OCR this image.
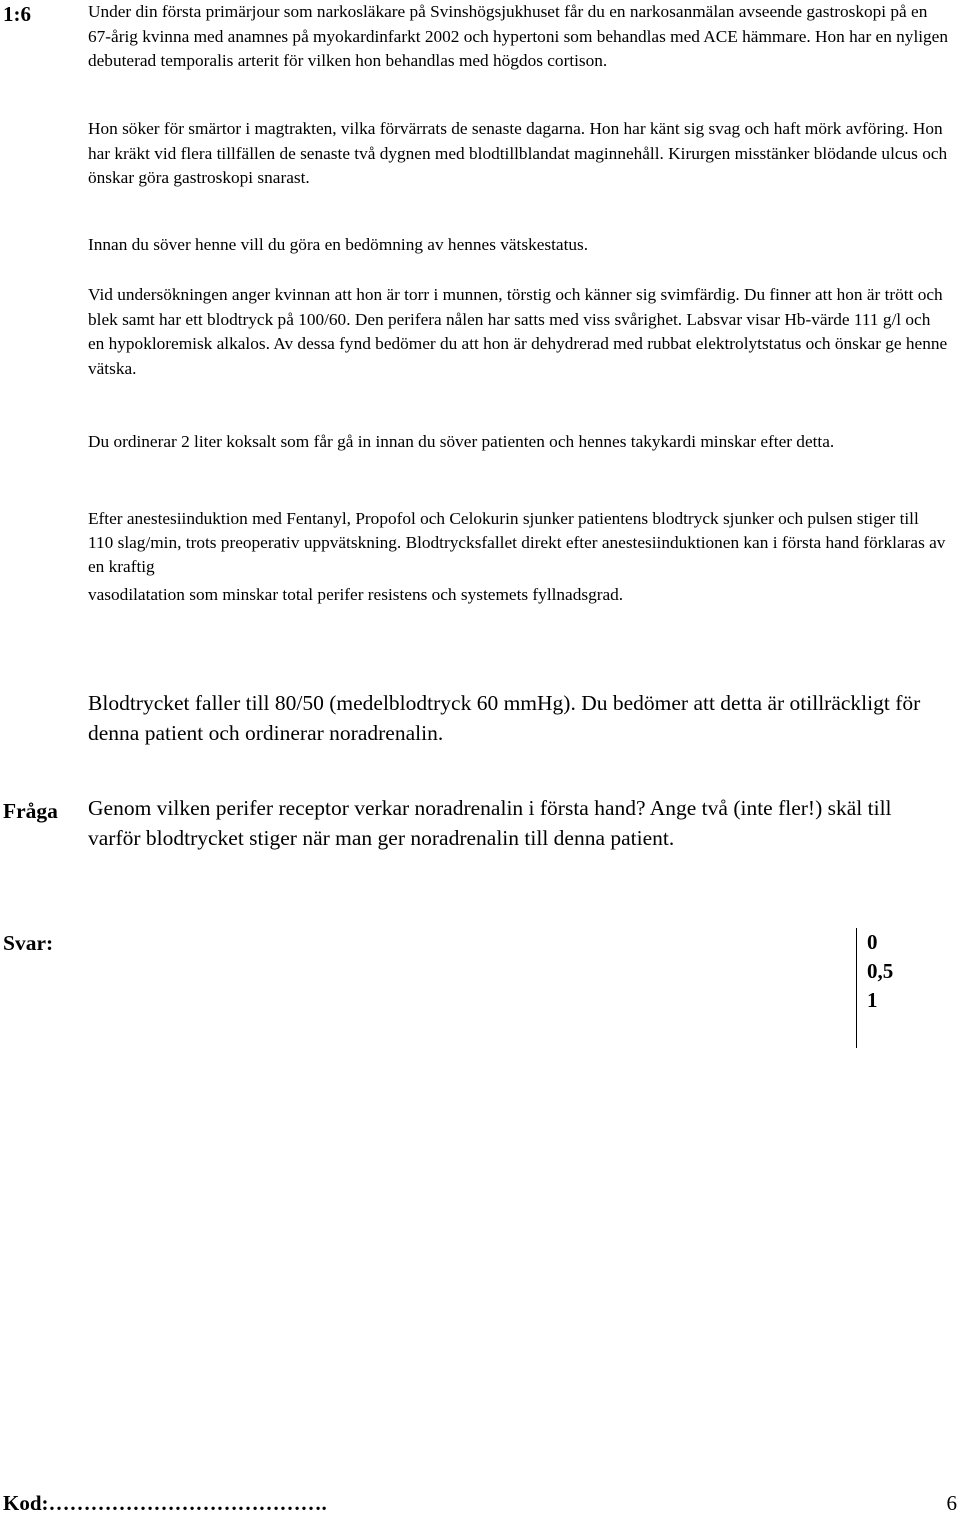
1:6	Under din första primärjour som narkosläkare på Svinshögsjukhuset får du en narkosanmälan avseende gastroskopi på en 67-årig kvinna med anamnes på myokardinfarkt 2002 och hypertoni som behandlas med ACE hämmare. Hon har en nyligen debuterad temporalis arterit för vilken hon behandlas med högdos cortison.
Hon söker för smärtor i magtrakten, vilka förvärrats de senaste dagarna. Hon har känt sig svag och haft mörk avföring. Hon har kräkt vid flera tillfällen de senaste två dygnen med blodtillblandat maginnehåll. Kirurgen misstänker blödande ulcus och önskar göra gastroskopi snarast.
Innan du söver henne vill du göra en bedömning av hennes vätskestatus.
Vid undersökningen anger kvinnan att hon är torr i munnen, törstig och känner sig svimfärdig. Du finner att hon är trött och blek samt har ett blodtryck på 100/60. Den perifera nålen har satts med viss svårighet. Labsvar visar Hb-värde 111 g/l och en hypokloremisk alkalos. Av dessa fynd bedömer du att hon är dehydrerad med rubbat elektrolytstatus och önskar ge henne vätska.
Du ordinerar 2 liter koksalt som får gå in innan du söver patienten och hennes takykardi minskar efter detta.
Efter anestesiinduktion med Fentanyl, Propofol och Celokurin sjunker patientens blodtryck sjunker och pulsen stiger till 110 slag/min, trots preoperativ uppvätskning. Blodtrycksfallet direkt efter anestesiinduktionen kan i första hand förklaras av en kraftig
vasodilatation som minskar total perifer resistens och systemets fyllnadsgrad.
Blodtrycket faller till 80/50 (medelblodtryck 60 mmHg). Du bedömer att detta är otillräckligt för denna patient och ordinerar noradrenalin.
Fråga Genom vilken perifer receptor verkar noradrenalin i första hand? Ange två (inte fler!) skäl till varför blodtrycket stiger när man ger noradrenalin till denna patient.
Svar:	0
0,5
1
Kod:………………………………….	6
